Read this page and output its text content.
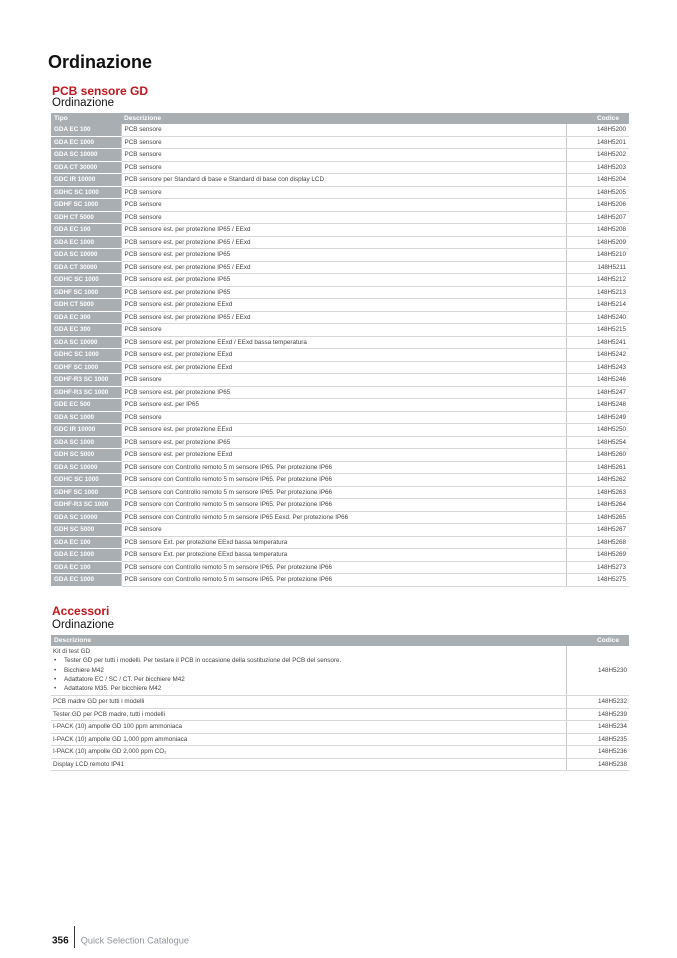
Ordinazione
PCB sensore GD
Ordinazione
Tipo	Descrizione	Codice
GDA EC 100	PCB sensore	148H5200
GDA EC 1000	PCB sensore	148H5201
GDA SC 10000	PCB sensore	148H5202
GDA CT 30000	PCB sensore	148H5203
GDC IR 10000	PCB sensore per Standard di base e Standard di base con display LCD	148H5204
GDHC SC 1000	PCB sensore	148H5205
GDHF SC 1000	PCB sensore	148H5206
GDH CT 5000	PCB sensore	148H5207
GDA EC 100	PCB sensore est. per protezione IP65 / EExd	148H5208
GDA EC 1000	PCB sensore est. per protezione IP65 / EExd	148H5209
GDA SC 10000	PCB sensore est. per protezione IP65	148H5210
GDA CT 30000	PCB sensore est. per protezione IP65 / EExd	148H5211
GDHC SC 1000	PCB sensore est. per protezione IP65	148H5212
GDHF SC 1000	PCB sensore est. per protezione IP65	148H5213
GDH CT 5000	PCB sensore est. per protezione EExd	148H5214
GDA EC 300	PCB sensore est. per protezione IP65 / EExd	148H5240
GDA EC 300	PCB sensore	148H5215
GDA SC 10000	PCB sensore est. per protezione EExd / EExd bassa temperatura	148H5241
GDHC SC 1000	PCB sensore est. per protezione EExd	148H5242
GDHF SC 1000	PCB sensore est. per protezione EExd	148H5243
GDHF-R3 SC 1000	PCB sensore	148H5246
GDHF-R3 SC 1000	PCB sensore est. per protezione IP65	148H5247
GDE EC 500	PCB sensore est. per IP65	148H5248
GDA SC 1000	PCB sensore	148H5249
GDC IR 10000	PCB sensore est. per protezione EExd	148H5250
GDA SC 1000	PCB sensore est. per protezione IP65	148H5254
GDH SC 5000	PCB sensore est. per protezione EExd	148H5260
GDA SC 10000	PCB sensore con Controllo remoto 5 m sensore IP65. Per protezione IP66	148H5261
GDHC SC 1000	PCB sensore con Controllo remoto 5 m sensore IP65. Per protezione IP66	148H5262
GDHF SC 1000	PCB sensore con Controllo remoto 5 m sensore IP65. Per protezione IP66	148H5263
GDHF-R3 SC 1000	PCB sensore con Controllo remoto 5 m sensore IP65. Per protezione IP66	148H5264
GDA SC 10000	PCB sensore con Controllo remoto 5 m sensore IP65 Eexd. Per protezione IP66	148H5265
GDH SC 5000	PCB sensore	148H5267
GDA EC 100	PCB sensore Ext. per protezione EExd bassa temperatura	148H5268
GDA EC 1000	PCB sensore Ext. per protezione EExd bassa temperatura	148H5269
GDA EC 100	PCB sensore con Controllo remoto 5 m sensore IP65. Per protezione IP66	148H5273
GDA EC 1000	PCB sensore con Controllo remoto 5 m sensore IP65. Per protezione IP66	148H5275
Accessori
Ordinazione
Descrizione	Codice

Kit di test GD
• Tester GD per tutti i modelli. Per testare il PCB in occasione della sostituzione del PCB del sensore.
• Bicchiere M42
• Adattatore EC / SC / CT. Per bicchiere M42
• Adattatore M35. Per bicchiere M42	148H5230
PCB madre GD per tutti i modelli	148H5232
Tester GD per PCB madre, tutti i modelli	148H5239
I-PACK (10) ampolle GD 100 ppm ammoniaca	148H5234
I-PACK (10) ampolle GD 1,000 ppm ammoniaca	148H5235
I-PACK (10) ampolle GD 2,000 ppm CO₂	148H5236
Display LCD remoto IP41	148H5238
356 Quick Selection Catalogue
